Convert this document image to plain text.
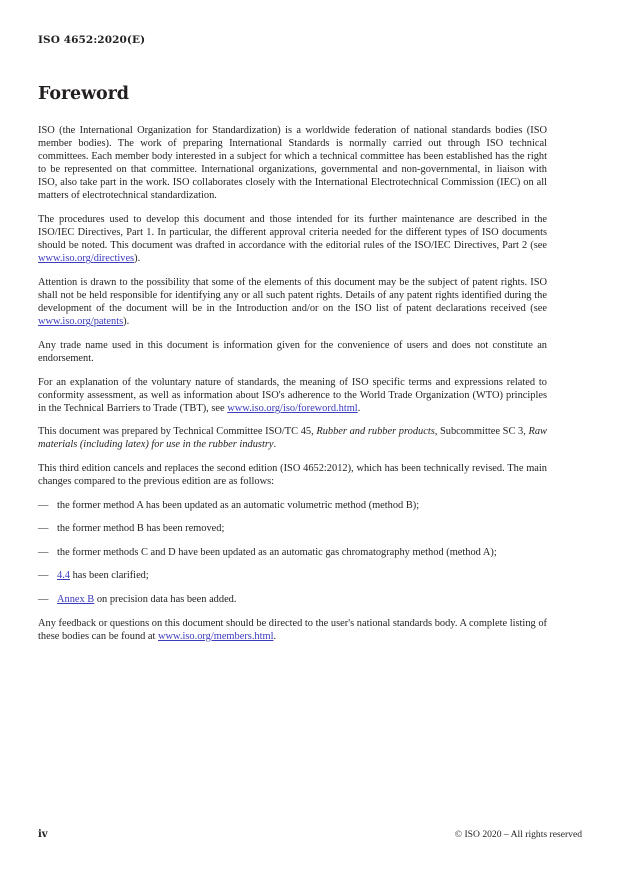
ISO 4652:2020(E)
Foreword

ISO (the International Organization for Standardization) is a worldwide federation of national standards bodies (ISO member bodies). The work of preparing International Standards is normally carried out through ISO technical committees. Each member body interested in a subject for which a technical committee has been established has the right to be represented on that committee. International organizations, governmental and non-governmental, in liaison with ISO, also take part in the work. ISO collaborates closely with the International Electrotechnical Commission (IEC) on all matters of electrotechnical standardization.

The procedures used to develop this document and those intended for its further maintenance are described in the ISO/IEC Directives, Part 1. In particular, the different approval criteria needed for the different types of ISO documents should be noted. This document was drafted in accordance with the editorial rules of the ISO/IEC Directives, Part 2 (see www.iso.org/directives).

Attention is drawn to the possibility that some of the elements of this document may be the subject of patent rights. ISO shall not be held responsible for identifying any or all such patent rights. Details of any patent rights identified during the development of the document will be in the Introduction and/or on the ISO list of patent declarations received (see www.iso.org/patents).

Any trade name used in this document is information given for the convenience of users and does not constitute an endorsement.

For an explanation of the voluntary nature of standards, the meaning of ISO specific terms and expressions related to conformity assessment, as well as information about ISO's adherence to the World Trade Organization (WTO) principles in the Technical Barriers to Trade (TBT), see www.iso.org/iso/foreword.html.

This document was prepared by Technical Committee ISO/TC 45, Rubber and rubber products, Subcommittee SC 3, Raw materials (including latex) for use in the rubber industry.

This third edition cancels and replaces the second edition (ISO 4652:2012), which has been technically revised. The main changes compared to the previous edition are as follows:

— the former method A has been updated as an automatic volumetric method (method B);
— the former method B has been removed;
— the former methods C and D have been updated as an automatic gas chromatography method (method A);
— 4.4 has been clarified;
— Annex B on precision data has been added.

Any feedback or questions on this document should be directed to the user's national standards body. A complete listing of these bodies can be found at www.iso.org/members.html.

iv	© ISO 2020 – All rights reserved
